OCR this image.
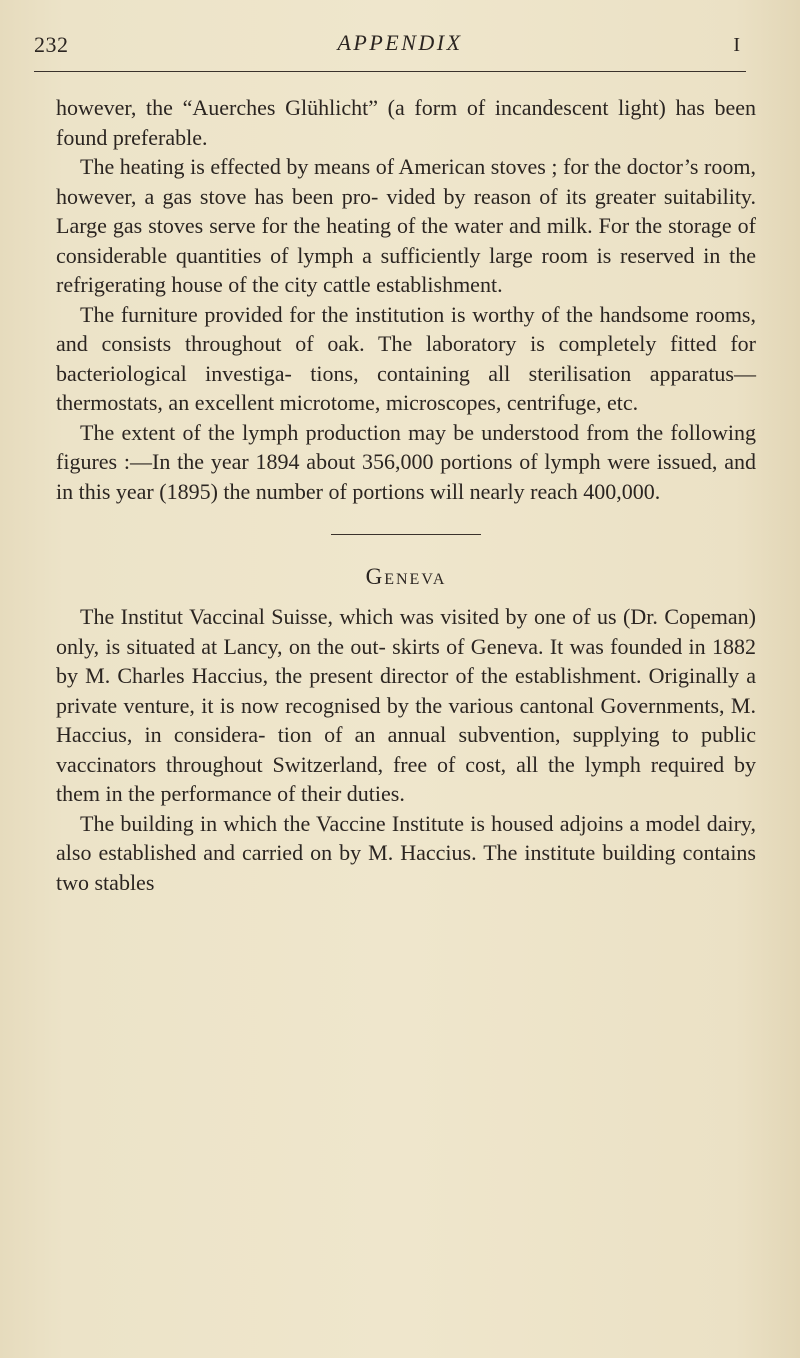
232	APPENDIX	I

however, the “Auerches Glühlicht” (a form of incandescent light) has been found preferable.

The heating is effected by means of American stoves ; for the doctor’s room, however, a gas stove has been pro- vided by reason of its greater suitability. Large gas stoves serve for the heating of the water and milk. For the storage of considerable quantities of lymph a sufficiently large room is reserved in the refrigerating house of the city cattle establishment.

The furniture provided for the institution is worthy of the handsome rooms, and consists throughout of oak. The laboratory is completely fitted for bacteriological investiga- tions, containing all sterilisation apparatus—thermostats, an excellent microtome, microscopes, centrifuge, etc.

The extent of the lymph production may be understood from the following figures :—In the year 1894 about 356,000 portions of lymph were issued, and in this year (1895) the number of portions will nearly reach 400,000.

Geneva

The Institut Vaccinal Suisse, which was visited by one of us (Dr. Copeman) only, is situated at Lancy, on the out- skirts of Geneva. It was founded in 1882 by M. Charles Haccius, the present director of the establishment. Originally a private venture, it is now recognised by the various cantonal Governments, M. Haccius, in considera- tion of an annual subvention, supplying to public vaccinators throughout Switzerland, free of cost, all the lymph required by them in the performance of their duties.

The building in which the Vaccine Institute is housed adjoins a model dairy, also established and carried on by M. Haccius. The institute building contains two stables
